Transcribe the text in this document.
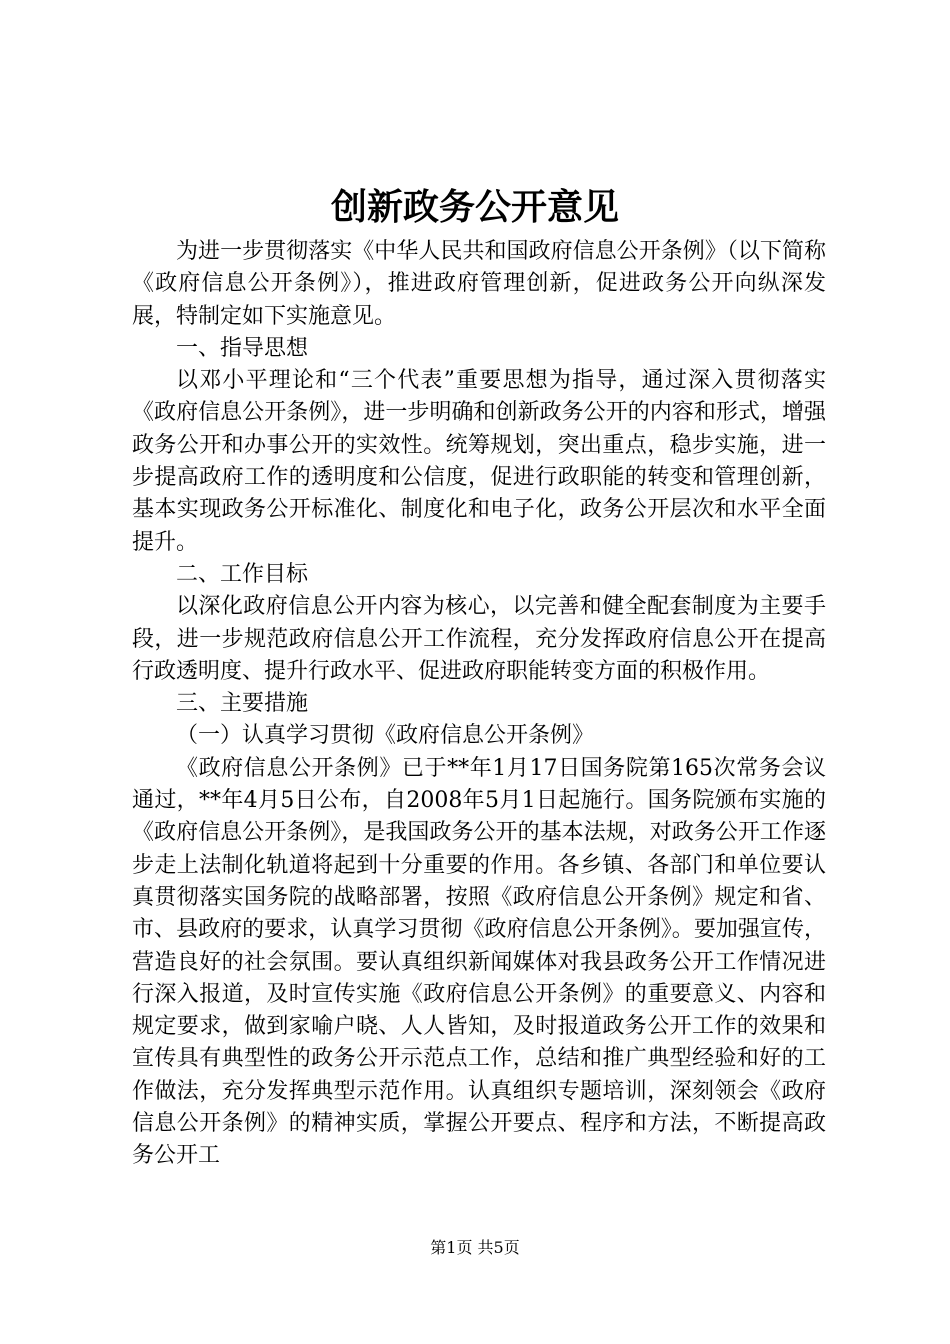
创新政务公开意见

为进一步贯彻落实《中华人民共和国政府信息公开条例》（以下简称《政府信息公开条例》），推进政府管理创新，促进政务公开向纵深发展，特制定如下实施意见。

一、指导思想

以邓小平理论和“三个代表”重要思想为指导，通过深入贯彻落实《政府信息公开条例》，进一步明确和创新政务公开的内容和形式，增强政务公开和办事公开的实效性。统筹规划，突出重点，稳步实施，进一步提高政府工作的透明度和公信度，促进行政职能的转变和管理创新，基本实现政务公开标准化、制度化和电子化，政务公开层次和水平全面提升。

二、工作目标

以深化政府信息公开内容为核心，以完善和健全配套制度为主要手段，进一步规范政府信息公开工作流程，充分发挥政府信息公开在提高行政透明度、提升行政水平、促进政府职能转变方面的积极作用。

三、主要措施

（一）认真学习贯彻《政府信息公开条例》

《政府信息公开条例》已于**年1月17日国务院第165次常务会议通过，**年4月5日公布，自2008年5月1日起施行。国务院颁布实施的《政府信息公开条例》，是我国政务公开的基本法规，对政务公开工作逐步走上法制化轨道将起到十分重要的作用。各乡镇、各部门和单位要认真贯彻落实国务院的战略部署，按照《政府信息公开条例》规定和省、市、县政府的要求，认真学习贯彻《政府信息公开条例》。要加强宣传，营造良好的社会氛围。要认真组织新闻媒体对我县政务公开工作情况进行深入报道，及时宣传实施《政府信息公开条例》的重要意义、内容和规定要求，做到家喻户晓、人人皆知，及时报道政务公开工作的效果和宣传具有典型性的政务公开示范点工作，总结和推广典型经验和好的工作做法，充分发挥典型示范作用。认真组织专题培训，深刻领会《政府信息公开条例》的精神实质，掌握公开要点、程序和方法，不断提高政务公开工

第1页 共5页
